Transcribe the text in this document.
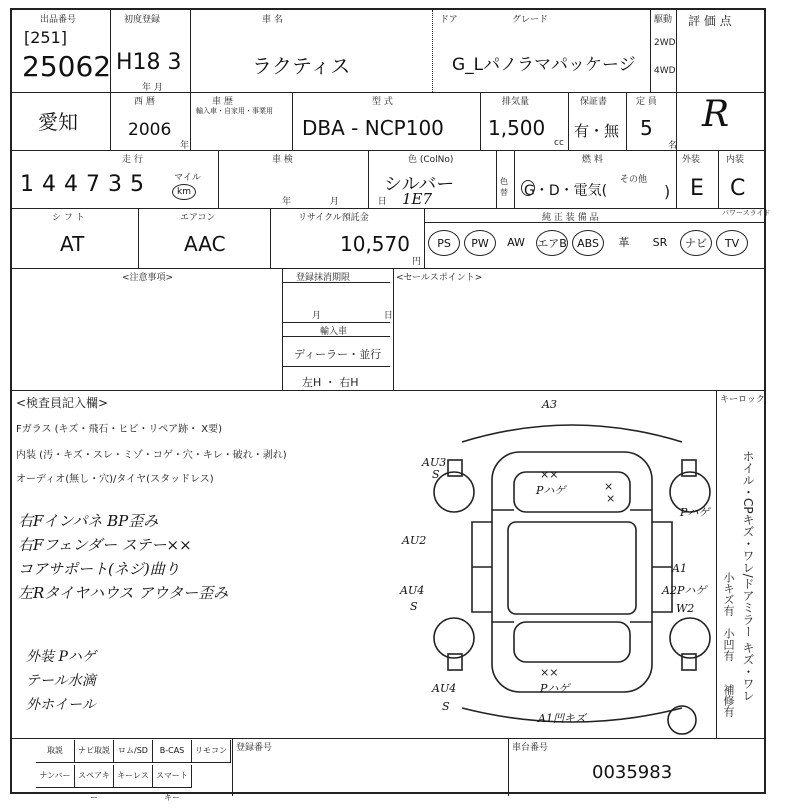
出品番号
[251]
25062
初度登録
H18 3
年 月
車 名
ラクティス
ドア	グレード
G_Lパノラマパッケージ
駆動
2WD
4WD
評 価 点
R
愛知
西 暦
2006
年
車 歴
輸入車・自家用・事業用
型 式
DBA - NCP100
排気量
1,500
cc
保証書
有・無
定 員
5
名
走 行
144735 マイル
km
車 検
年 月 日
色 (ColNo)
シルバー
1E7
色替
燃 料
G・D・電気(
その他
)
外装
E
内装
C
シ フ ト
AT
エアコン
AAC
リサイクル預託金
10,570
円
純 正 装 備 品	パワースライド
PS	PW	AW	エアB ABS	革	SR	ナビ	TV
<注意事項>	登録抹消期限
月 日
輸入車
ディーラー・並行
左H ・ 右H
<セールスポイント>
<検査員記入欄>
Fガラス (キズ・飛石・ヒビ・リペア跡・ X要)
内装 (汚・キズ・スレ・ミゾ・コゲ・穴・キレ・破れ・剥れ)
オーディオ(無し・穴)/タイヤ(スタッドレス)
右Fインパネ BP歪み
右Fフェンダー ステー××
コアサポート(ネジ)曲り
左Rタイヤハウス アウター歪み
外装 Pハゲ
テール水滴
外ホイール
A3
AU3
××
Pハゲ	×
×
Pハゲ
AU2
AU4
S
A1
A2Pハゲ
W2
AU4
S
××
Pハゲ
A1凹キズ
S
キーロック
ホイル・CPキズ・ワレ/ドアミラー キズ・ワレ
小キズ有
小凹有
補修有
取説	ナビ取説	ロム/SD	B-CAS	リモコン
ナンバー スペアキー
キーレス スマートキー
登録番号	車台番号
0035983
